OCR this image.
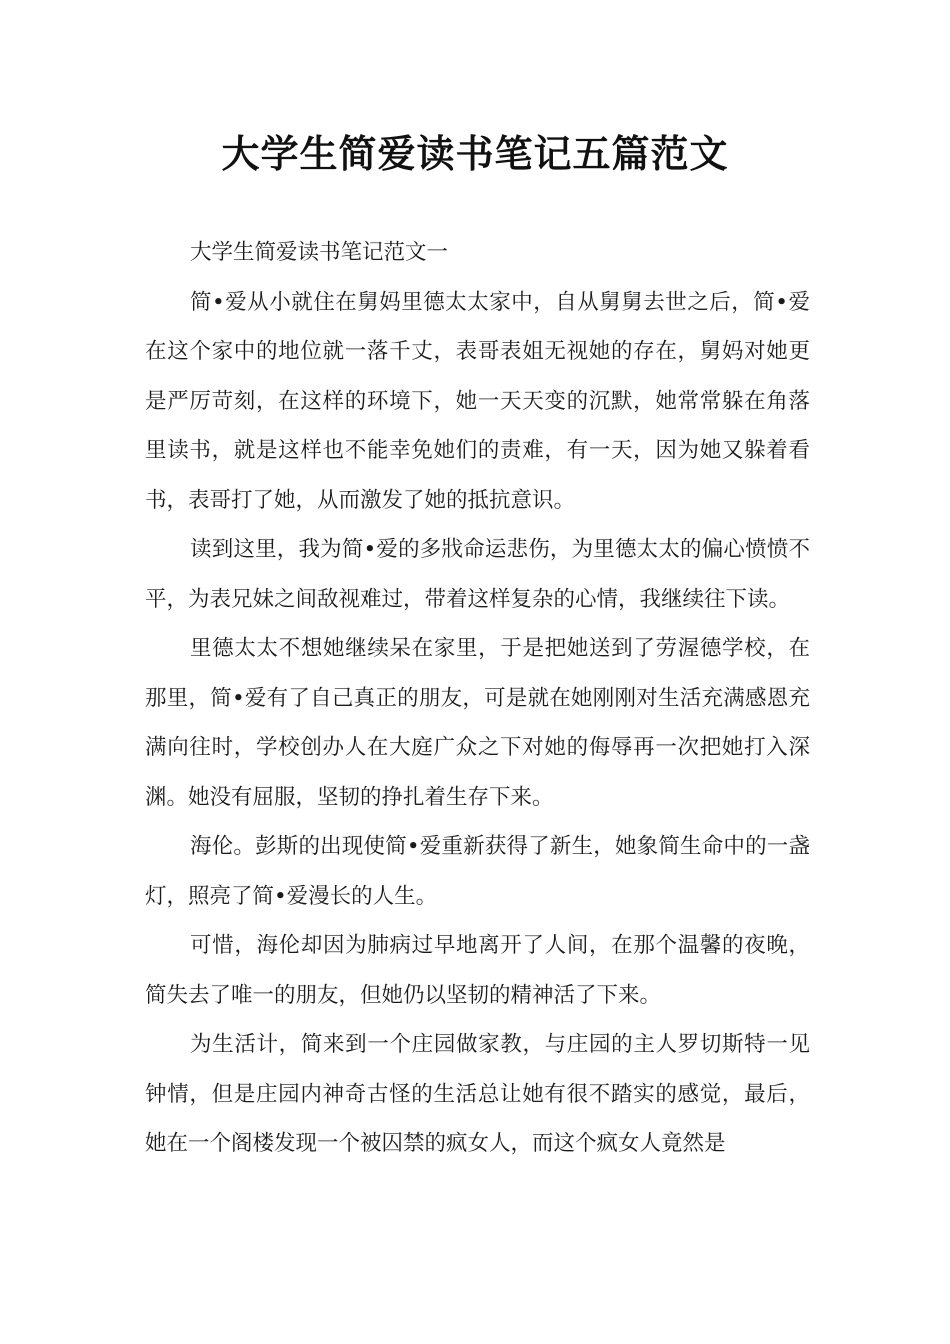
大学生简爱读书笔记五篇范文

大学生简爱读书笔记范文一

简•爱从小就住在舅妈里德太太家中，自从舅舅去世之后，简•爱在这个家中的地位就一落千丈，表哥表姐无视她的存在，舅妈对她更是严厉苛刻，在这样的环境下，她一天天变的沉默，她常常躲在角落里读书，就是这样也不能幸免她们的责难，有一天，因为她又躲着看书，表哥打了她，从而激发了她的抵抗意识。

读到这里，我为简•爱的多戕命运悲伤，为里德太太的偏心愤愤不平，为表兄妹之间敌视难过，带着这样复杂的心情，我继续往下读。

里德太太不想她继续呆在家里，于是把她送到了劳渥德学校，在那里，简•爱有了自己真正的朋友，可是就在她刚刚对生活充满感恩充满向往时，学校创办人在大庭广众之下对她的侮辱再一次把她打入深渊。她没有屈服，坚韧的挣扎着生存下来。

海伦。彭斯的出现使简•爱重新获得了新生，她象简生命中的一盏灯，照亮了简•爱漫长的人生。

可惜，海伦却因为肺病过早地离开了人间，在那个温馨的夜晚，简失去了唯一的朋友，但她仍以坚韧的精神活了下来。

为生活计，简来到一个庄园做家教，与庄园的主人罗切斯特一见钟情，但是庄园内神奇古怪的生活总让她有很不踏实的感觉，最后，她在一个阁楼发现一个被囚禁的疯女人，而这个疯女人竟然是
